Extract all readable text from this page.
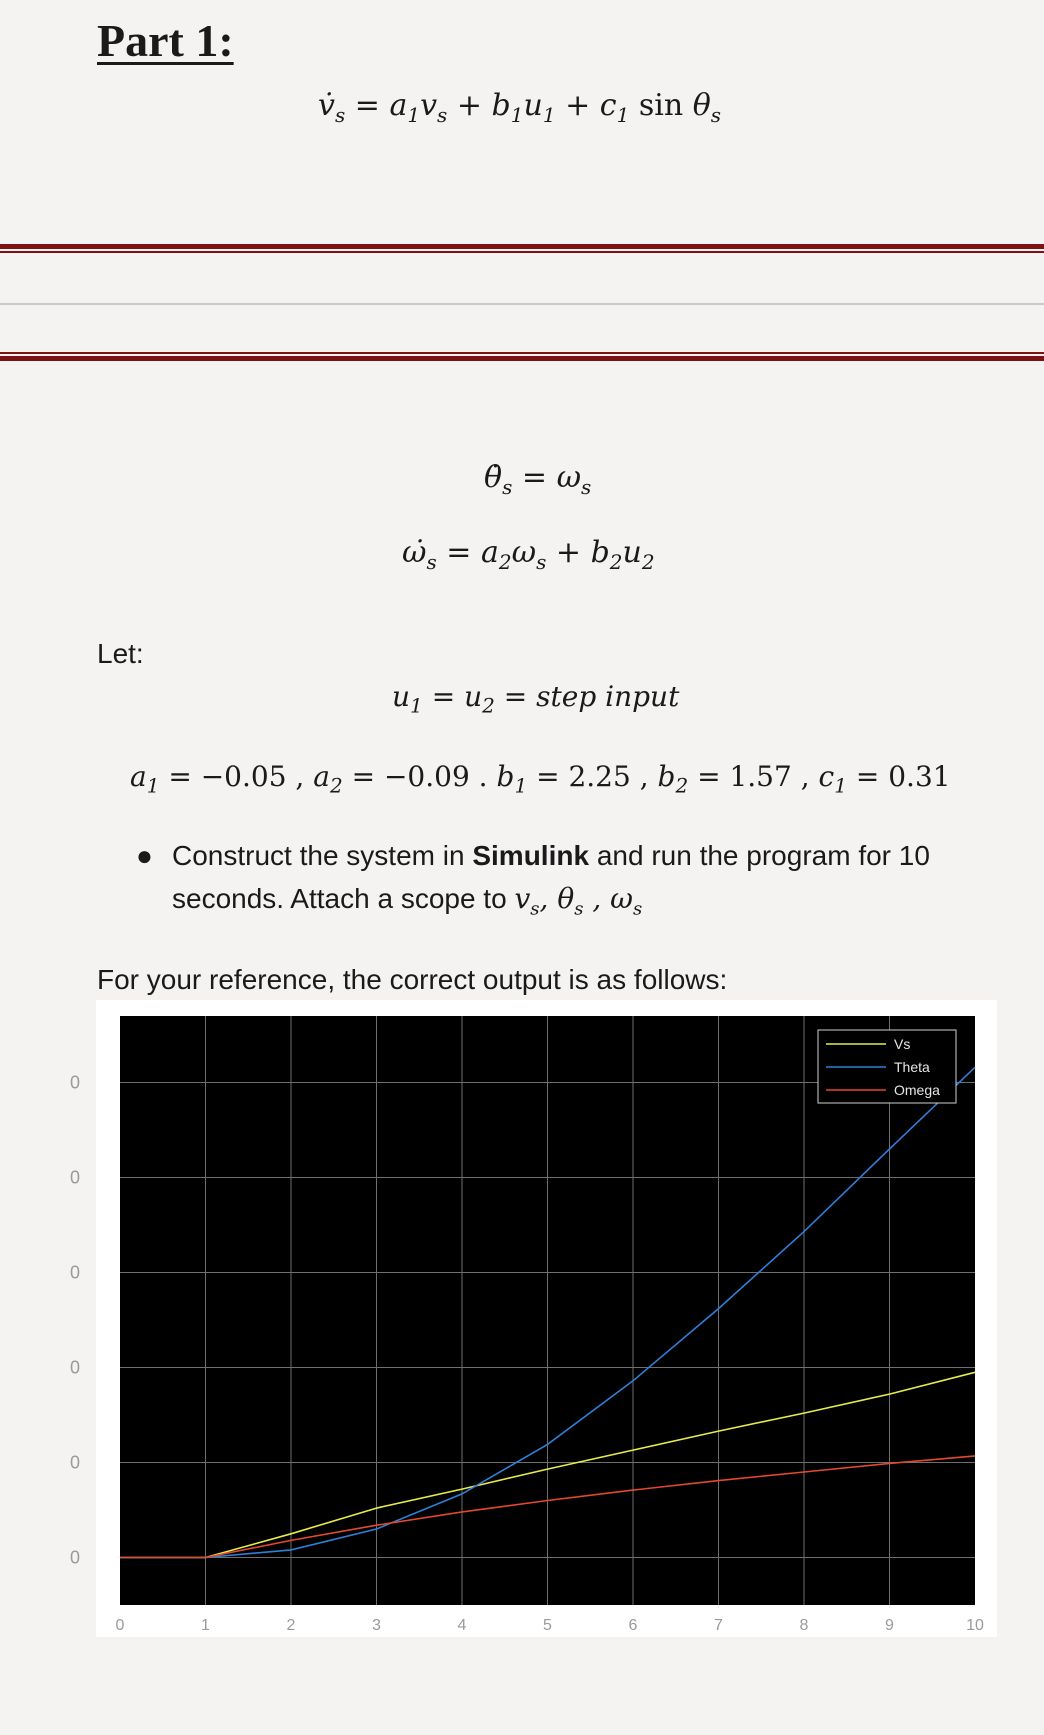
Part 1:

$v̇_s = a_1v_s + b_1u_1 + c_1$ $\sin \theta_s$

$\thetȧ_s = \omega_s$

$\omegȧ_s = a_2\omega_s + b_2u_2$

Let:

$u_1 = u_2$ = step input

$a_1 = -0.05$ , $a_2 = -0.09$ . $b_1 = 2.25$ , $b_2 = 1.57$ , $c_1 = 0.31$

● Construct the system in Simulink and run the program for 10

seconds. Attach a scope to $v_s$, $\theta_s$ , $\omega_s$

For your reference, the correct output is as follows:

0	1	2	3	4	5	6	7	8	9	10
0
0
0
0
0
0
Vs
Theta
Omega
